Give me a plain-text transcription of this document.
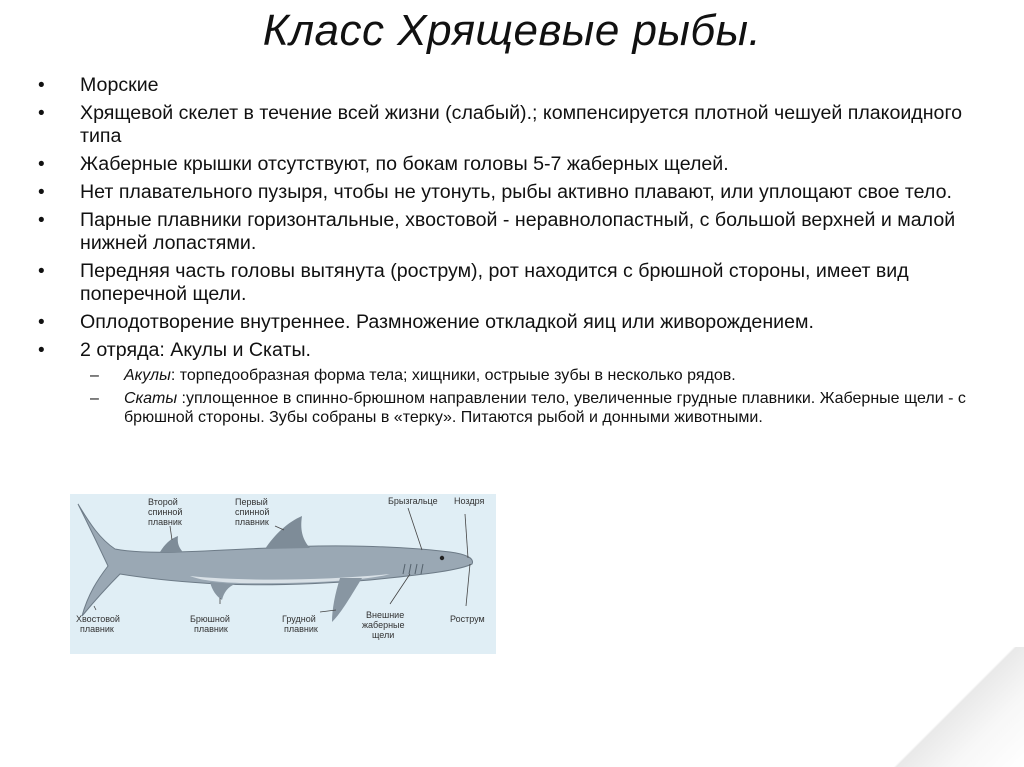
Класс Хрящевые рыбы.
• Морские
• Хрящевой скелет в течение всей жизни (слабый).; компенсируется плотной чешуей плакоидного типа
• Жаберные крышки отсутствуют, по бокам головы 5-7 жаберных щелей.
• Нет плавательного пузыря, чтобы не утонуть, рыбы активно плавают, или уплощают свое тело.
• Парные плавники горизонтальные, хвостовой - неравнолопастный, с большой верхней и малой нижней лопастями.
• Передняя часть головы вытянута (рострум), рот находится с брюшной стороны, имеет вид поперечной щели.
• Оплодотворение внутреннее. Размножение откладкой яиц или живорождением.
• 2 отряда: Акулы и Скаты.
– Акулы: торпедообразная форма тела; хищники, острыые зубы в несколько рядов.
– Скаты :уплощенное в спинно-брюшном направлении тело, увеличенные грудные плавники. Жаберные щели - с брюшной стороны. Зубы собраны в «терку». Питаются рыбой и донными животными.
Второй спинной плавник
Первый спинной плавник
Брызгальце Ноздря
Хвостовой плавник
Брюшной плавник
Грудной плавник
Внешние жаберные щели
Рострум
